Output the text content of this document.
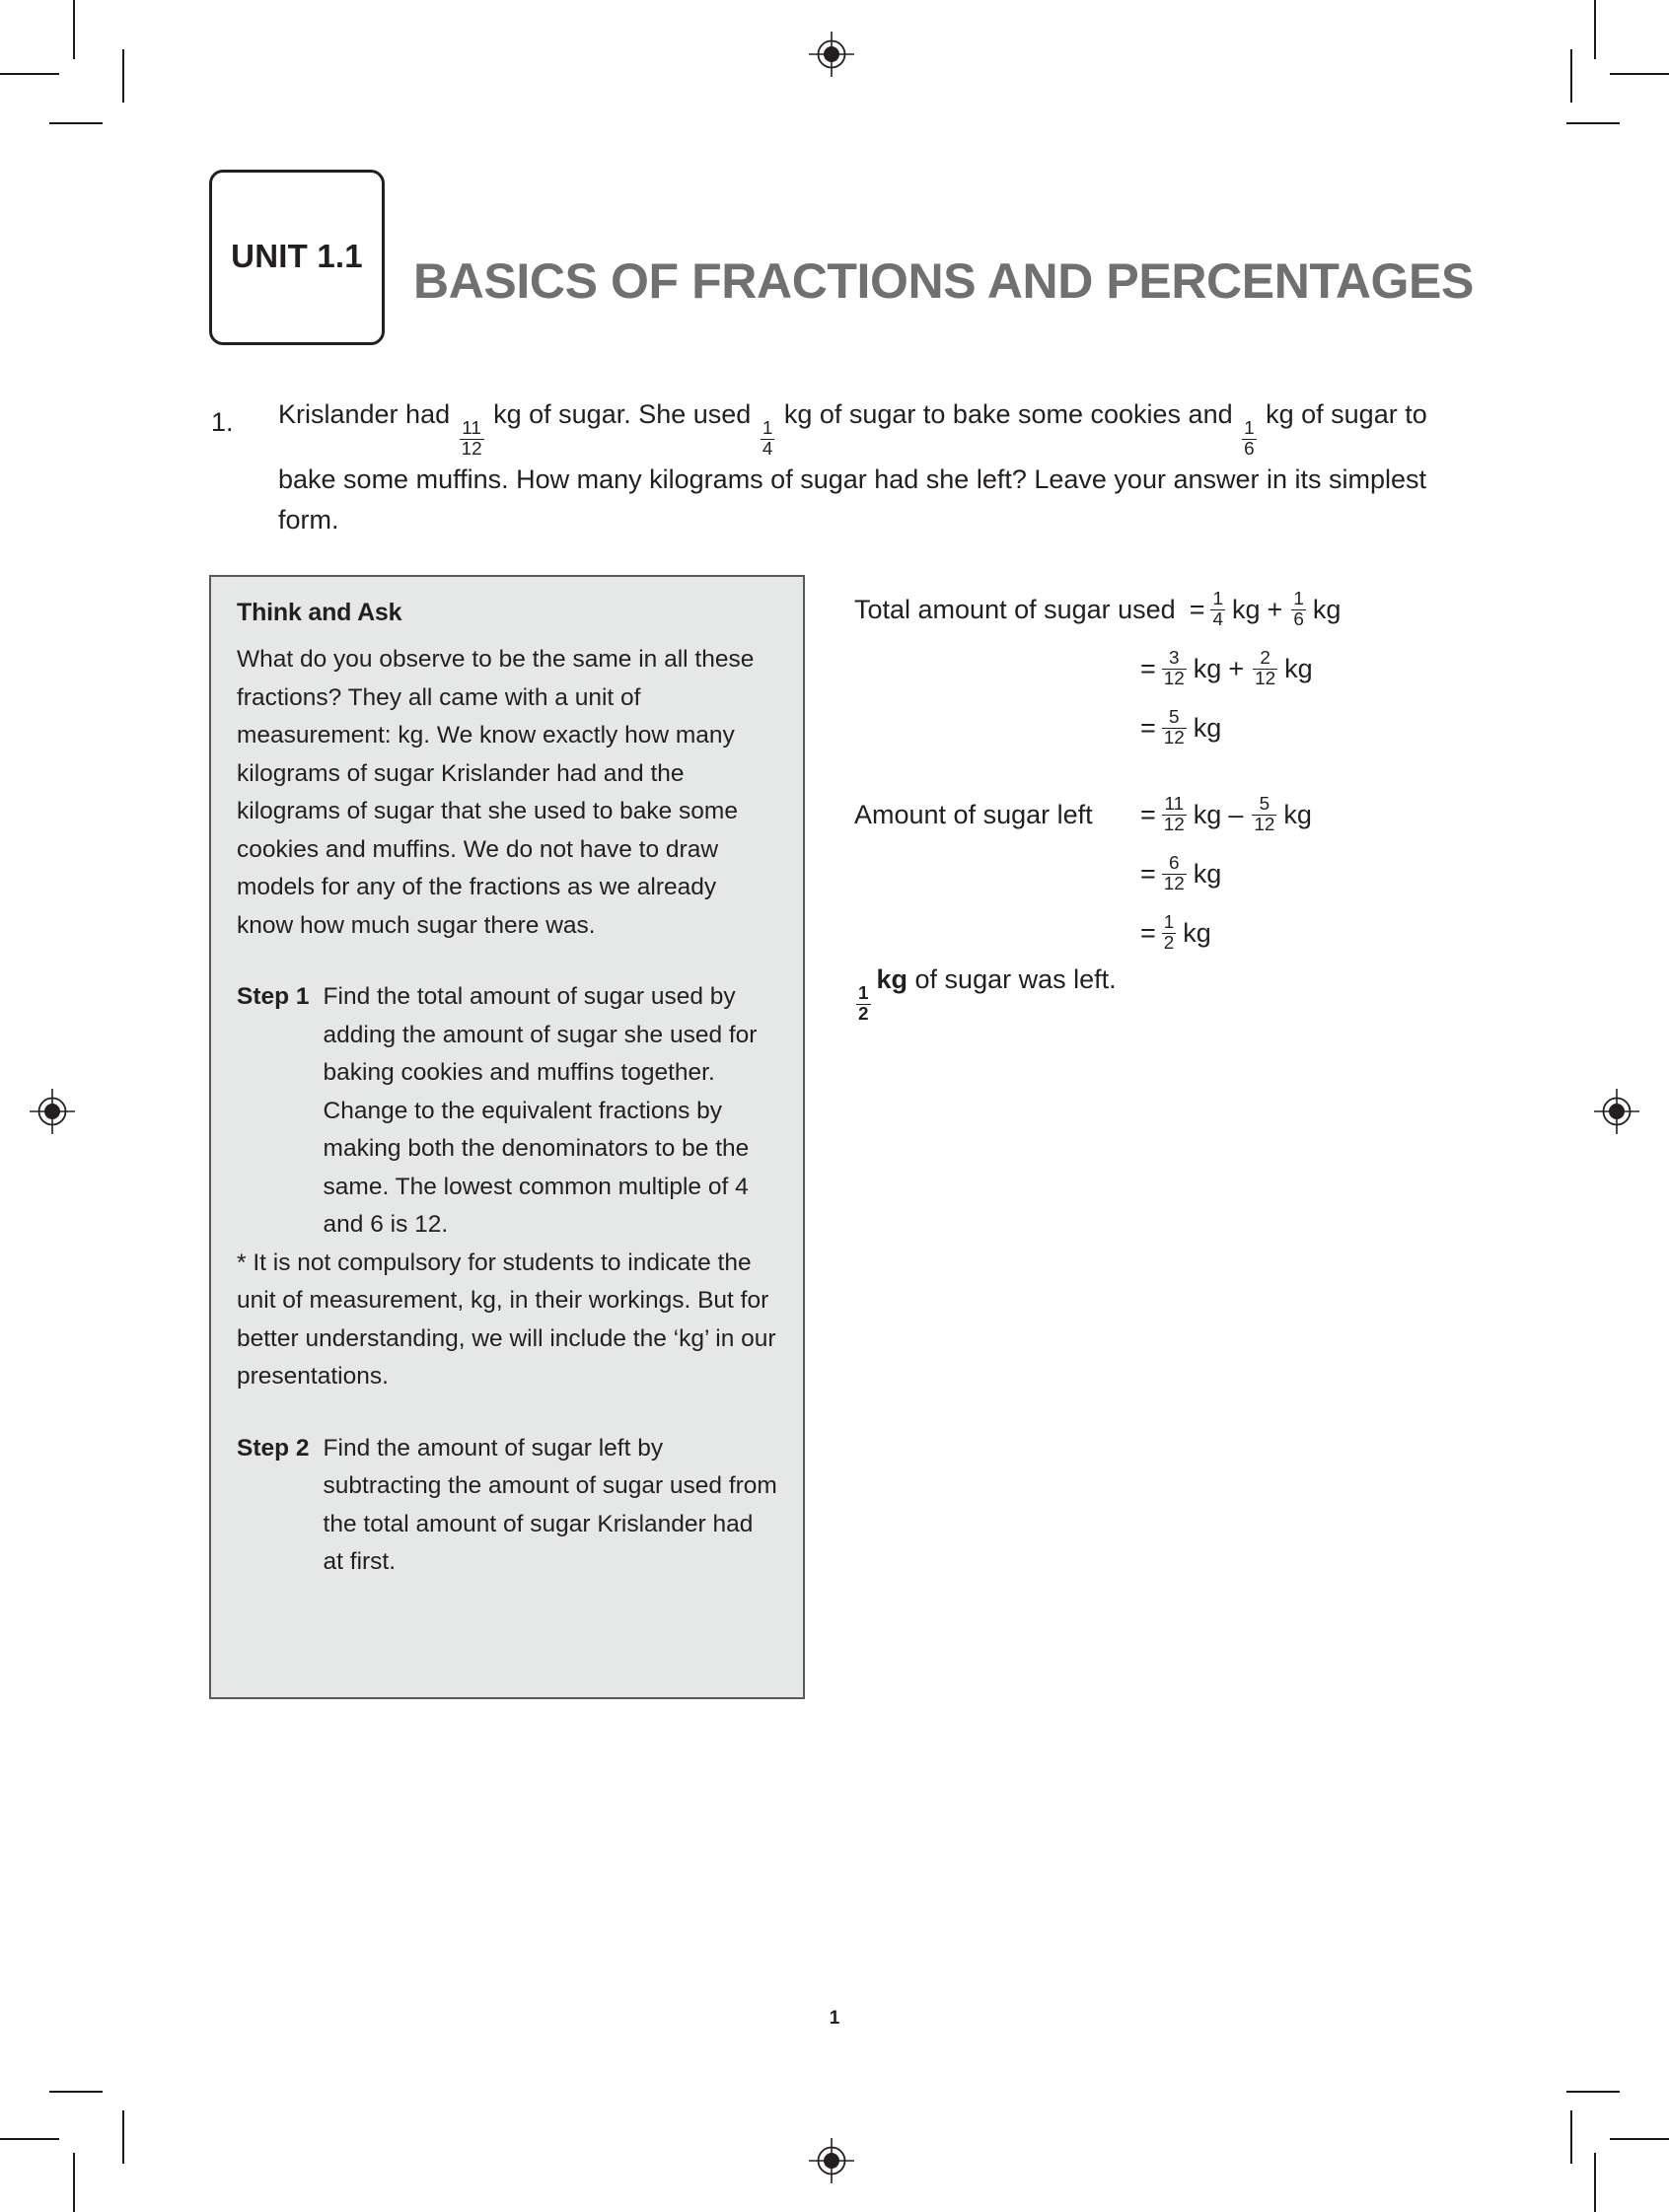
UNIT 1.1	BASICS OF FRACTIONS AND PERCENTAGES
1.	Krislander had
$\frac{11}{12}$
kg of sugar. She used
$\frac{1}{4}$
kg of sugar to bake some cookies and
$\frac{1}{6}$
kg of sugar to bake some muffins. How many kilograms of sugar had she left? Leave your answer in its simplest form.
Think and Ask
What do you observe to be the same in all these fractions? They all came with a unit of measurement: kg. We know exactly how many kilograms of sugar Krislander had and the kilograms of sugar that she used to bake some cookies and muffins. We do not have to draw models for any of the fractions as we already know how much sugar there was.
Step 1 Find the total amount of sugar used by adding the amount of sugar she used for baking cookies and muffins together. Change to the equivalent fractions by making both the denominators to be the same. The lowest common multiple of 4 and 6 is 12.
* It is not compulsory for students to indicate the unit of measurement, kg, in their workings. But for better understanding, we will include the ‘kg’ in our presentations.
Step 2 Find the amount of sugar left by subtracting the amount of sugar used from the total amount of sugar Krislander had at first.
Total amount of sugar used = $\frac{1}{4}$ kg + $\frac{1}{6}$ kg
= $\frac{3}{12}$ kg + $\frac{2}{12}$ kg
= $\frac{5}{12}$ kg
Amount of sugar left	= $\frac{11}{12}$ kg – $\frac{5}{12}$ kg
= $\frac{6}{12}$ kg
= $\frac{1}{2}$ kg
$\frac{1}{2}$
kg of sugar was left.
1
